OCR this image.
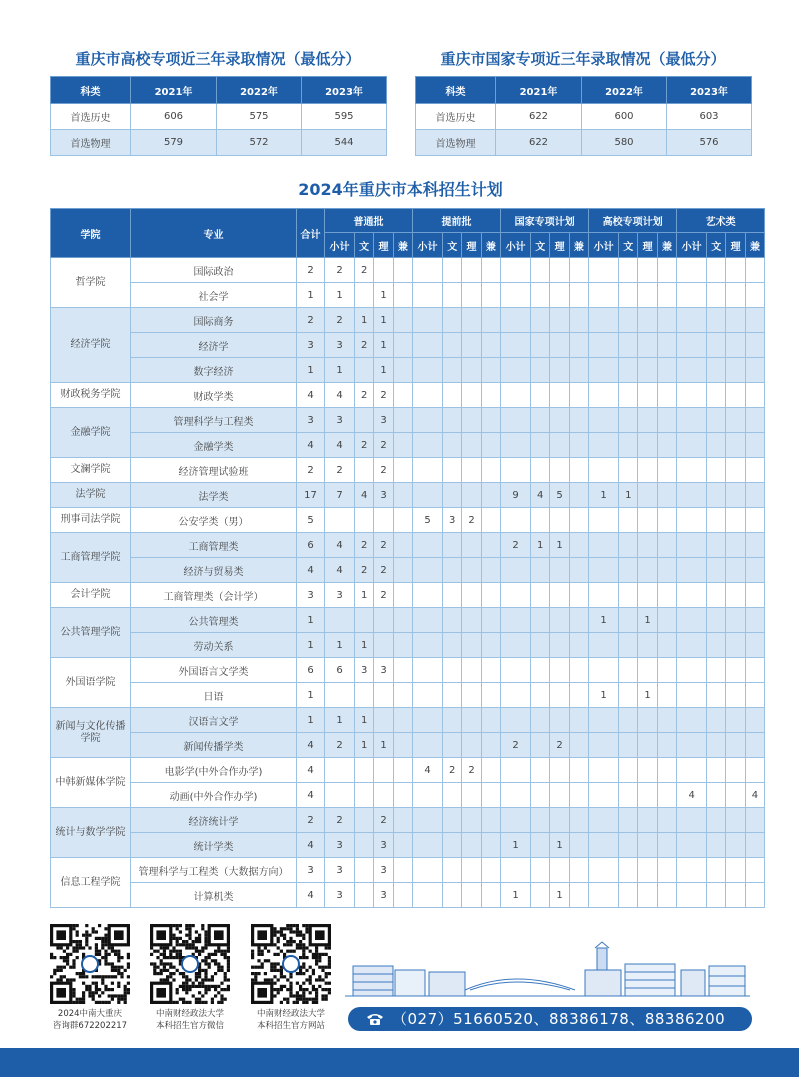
重庆市高校专项近三年录取情况（最低分）	重庆市国家专项近三年录取情况（最低分）
科类	2021年	2022年	2023年
首选历史	606	575	595
首选物理	579	572	544
科类	2021年	2022年	2023年
首选历史	622	600	603
首选物理	622	580	576
2024年重庆市本科招生计划
学院	专业	合计	普通批				提前批				国家专项计划				高校专项计划				艺术类			
			小计	文	理	兼	小计	文	理	兼	小计	文	理	兼	小计	文	理	兼	小计	文	理	兼
哲学院	国际政治	2	2	2																		
	社会学	1	1		1																	
经济学院	国际商务	2	2	1	1																	
	经济学	3	3	2	1																	
	数字经济	1	1		1																	
财政税务学院	财政学类	4	4	2	2																	
金融学院	管理科学与工程类	3	3		3																	
	金融学类	4	4	2	2																	
文澜学院	经济管理试验班	2	2		2																	
法学院	法学类	17	7	4	3						9	4	5		1	1						
刑事司法学院	公安学类（男）	5					5	3	2													
工商管理学院	工商管理类	6	4	2	2						2	1	1									
	经济与贸易类	4	4	2	2																	
会计学院	工商管理类（会计学）	3	3	1	2																	
公共管理学院	公共管理类	1													1		1					
	劳动关系	1	1	1																		
外国语学院	外国语言文学类	6	6	3	3																	
	日语	1													1		1					
新闻与文化传播学院	汉语言文学	1	1	1																		
	新闻传播学类	4	2	1	1						2		2									
中韩新媒体学院	电影学(中外合作办学)	4					4	2	2													
	动画(中外合作办学)	4																	4			4
统计与数学学院	经济统计学	2	2		2																	
	统计学类	4	3		3						1		1									
信息工程学院	管理科学与工程类（大数据方向）	3	3		3																	
	计算机类	4	3		3						1		1									
2024中南大重庆
咨询群672202217
中南财经政法大学
本科招生官方微信
中南财经政法大学
本科招生官方网站	（027）51660520、88386178、88386200
